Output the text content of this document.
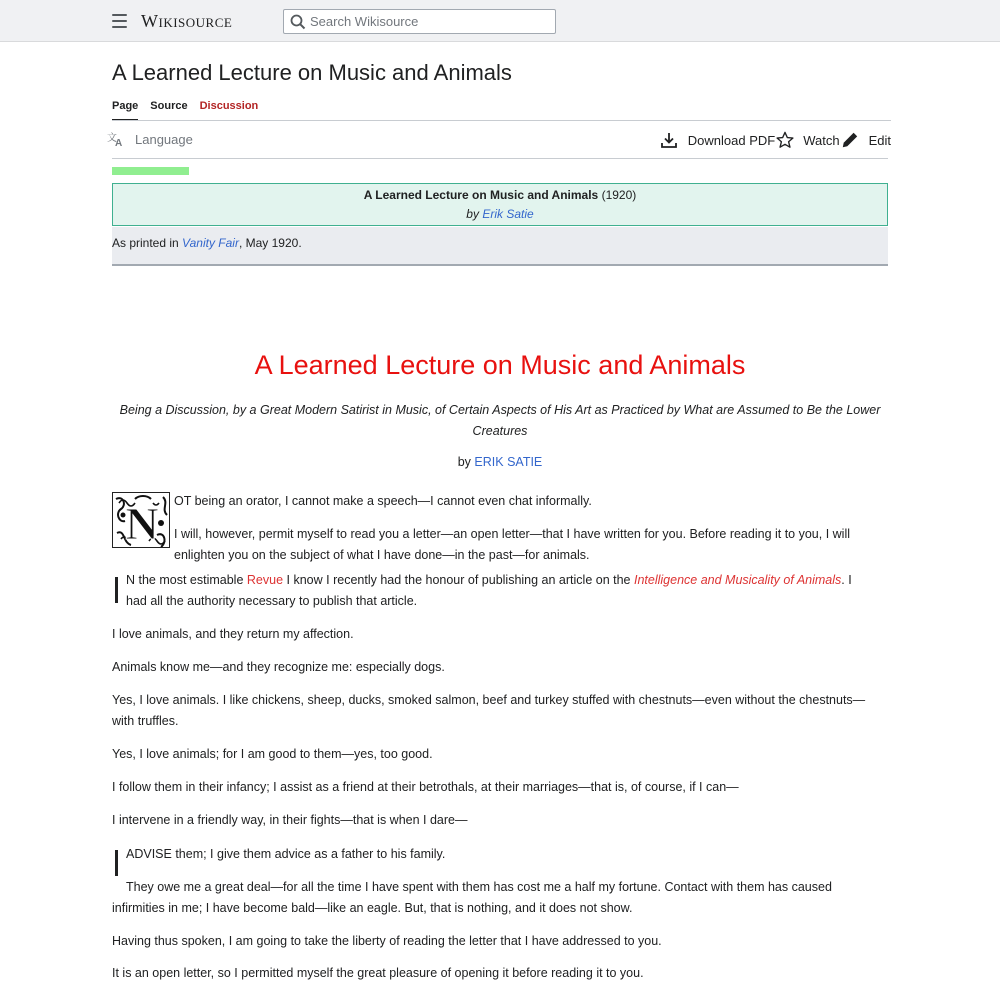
Wikisource
Search Wikisource
A Learned Lecture on Music and Animals
Page Source Discussion
文
A Language	Download PDF Watch Edit
A Learned Lecture on Music and Animals (1920)
by Erik Satie
As printed in Vanity Fair, May 1920.
A Learned Lecture on Music and Animals
Being a Discussion, by a Great Modern Satirist in Music, of Certain Aspects of His Art as Practiced by What are Assumed to Be the Lower Creatures
by ERIK SATIE
N OT being an orator, I cannot make a speech—I cannot even chat informally.
I will, however, permit myself to read you a letter—an open letter—that I have written for you. Before reading it to you, I will enlighten you on the subject of what I have done—in the past—for animals.
N the most estimable Revue I know I recently had the honour of publishing an article on the Intelligence and Musicality of Animals. I had all the authority necessary to publish that article.
I love animals, and they return my affection.
Animals know me—and they recognize me: especially dogs.
Yes, I love animals. I like chickens, sheep, ducks, smoked salmon, beef and turkey stuffed with chestnuts—even without the chestnuts—with truffles.
Yes, I love animals; for I am good to them—yes, too good.
I follow them in their infancy; I assist as a friend at their betrothals, at their marriages—that is, of course, if I can—
I intervene in a friendly way, in their fights—that is when I dare—
ADVISE them; I give them advice as a father to his family.
They owe me a great deal—for all the time I have spent with them has cost me a half my fortune. Contact with them has caused infirmities in me; I have become bald—like an eagle. But, that is nothing, and it does not show.
Having thus spoken, I am going to take the liberty of reading the letter that I have addressed to you.
It is an open letter, so I permitted myself the great pleasure of opening it before reading it to you.
